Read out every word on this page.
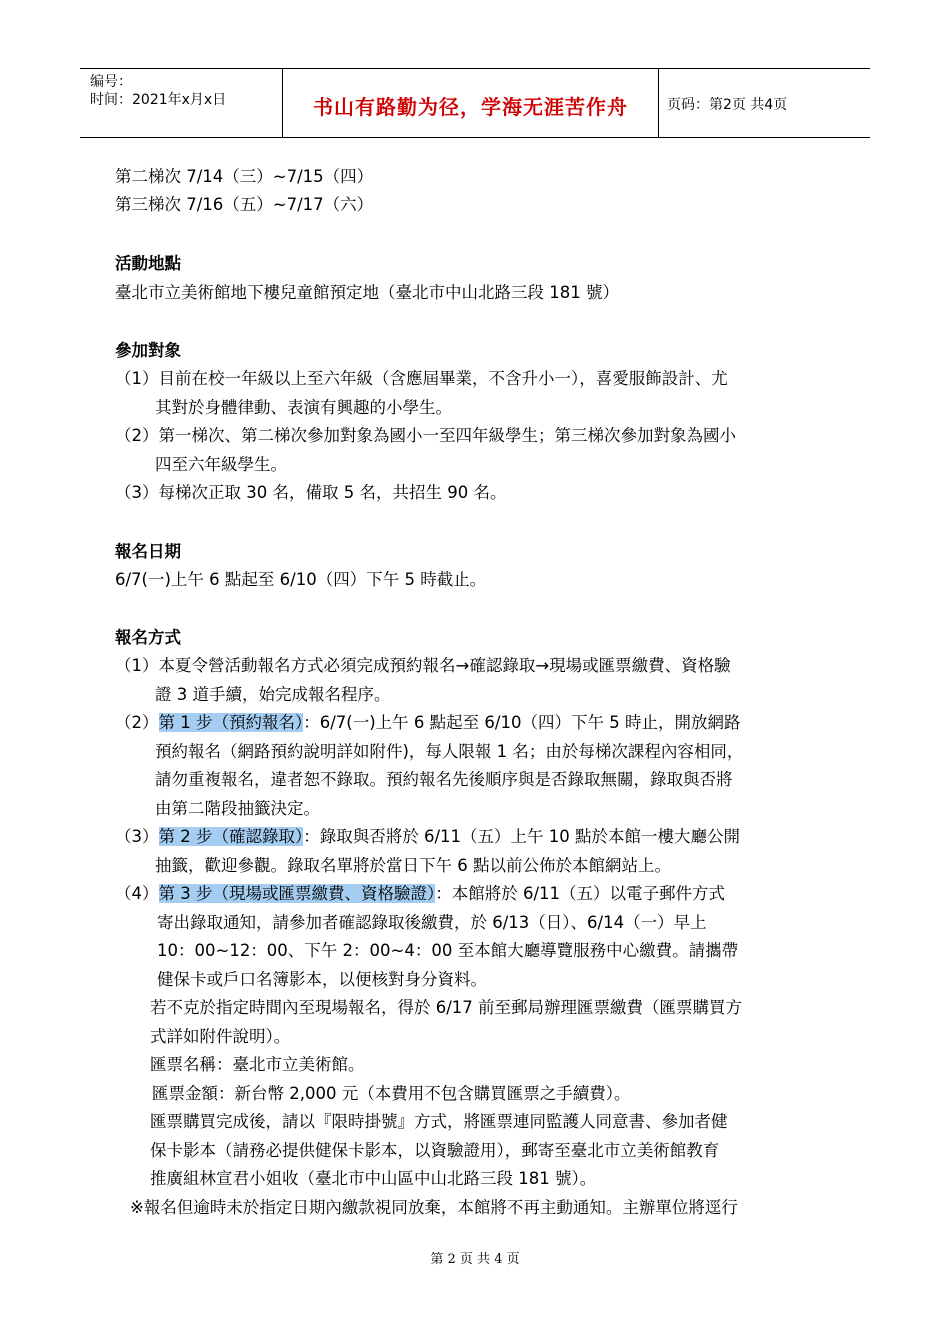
编号：
时间：2021年x月x日	书山有路勤为径，学海无涯苦作舟	页码：第2页 共4页
第二梯次 7/14（三）~7/15（四）
第三梯次 7/16（五）~7/17（六）
活動地點
臺北市立美術館地下樓兒童館預定地（臺北市中山北路三段 181 號）
參加對象
（1）目前在校一年級以上至六年級（含應屆畢業，不含升小一），喜愛服飾設計、尤
其對於身體律動、表演有興趣的小學生。
（2）第一梯次、第二梯次參加對象為國小一至四年級學生；第三梯次參加對象為國小
四至六年級學生。
（3）每梯次正取 30 名，備取 5 名，共招生 90 名。
報名日期
6/7(一)上午 6 點起至 6/10（四）下午 5 時截止。
報名方式
（1）本夏令營活動報名方式必須完成預約報名→確認錄取→現場或匯票繳費、資格驗
證 3 道手續，始完成報名程序。
（2）第 1 步（預約報名）：6/7(一)上午 6 點起至 6/10（四）下午 5 時止，開放網路
預約報名（網路預約說明詳如附件)，每人限報 1 名；由於每梯次課程內容相同，
請勿重複報名，違者恕不錄取。預約報名先後順序與是否錄取無關，錄取與否將
由第二階段抽籤決定。
（3）第 2 步（確認錄取）：錄取與否將於 6/11（五）上午 10 點於本館一樓大廳公開
抽籤，歡迎參觀。錄取名單將於當日下午 6 點以前公佈於本館網站上。
（4）第 3 步（現場或匯票繳費、資格驗證）：本館將於 6/11（五）以電子郵件方式
寄出錄取通知，請參加者確認錄取後繳費，於 6/13（日）、6/14（一）早上
10：00~12：00、下午 2：00~4：00 至本館大廳導覽服務中心繳費。請攜帶
健保卡或戶口名簿影本，以便核對身分資料。
若不克於指定時間內至現場報名，得於 6/17 前至郵局辦理匯票繳費（匯票購買方
式詳如附件說明）。
匯票名稱：臺北市立美術館。
匯票金額：新台幣 2,000 元（本費用不包含購買匯票之手續費）。
匯票購買完成後，請以『限時掛號』方式，將匯票連同監護人同意書、參加者健
保卡影本（請務必提供健保卡影本，以資驗證用），郵寄至臺北市立美術館教育
推廣組林宣君小姐收（臺北市中山區中山北路三段 181 號）。
※報名但逾時未於指定日期內繳款視同放棄，本館將不再主動通知。主辦單位將逕行
第 2 页 共 4 页
